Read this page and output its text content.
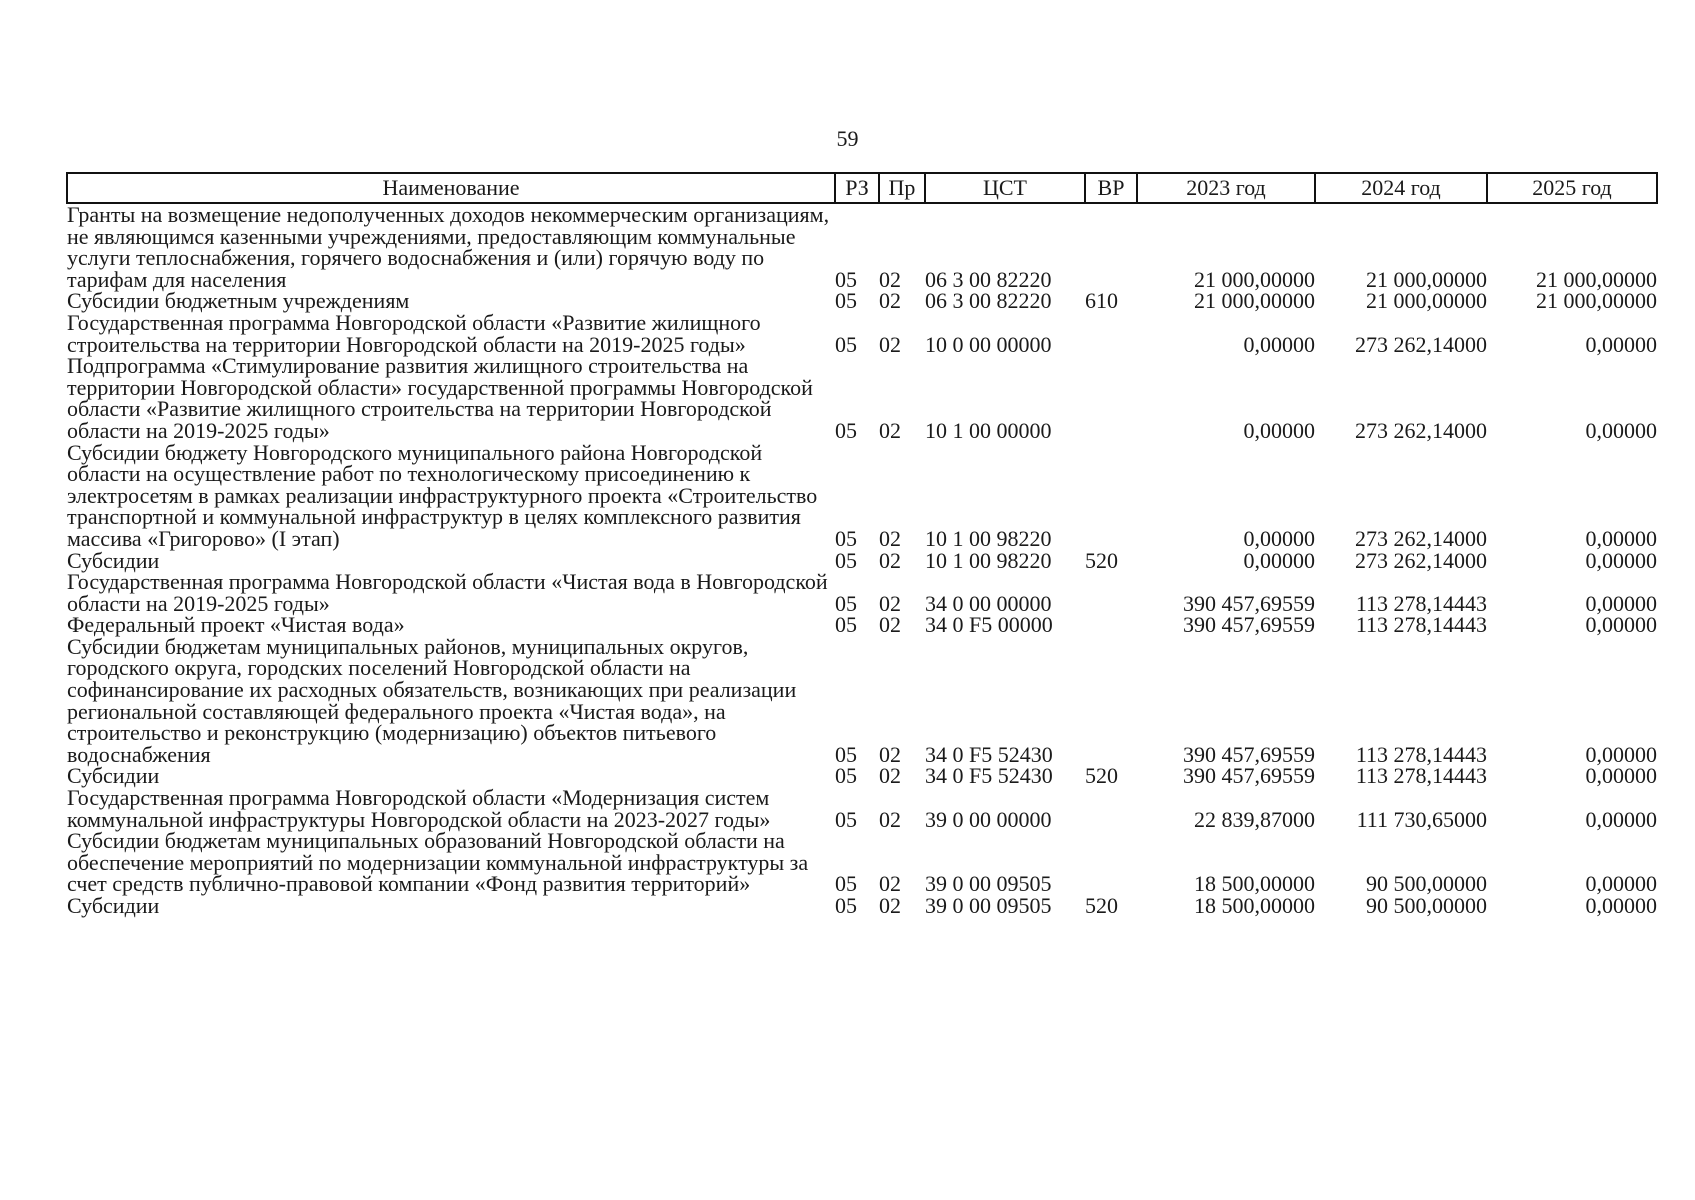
59
Наименование	РЗ	Пр	ЦСТ	ВР	2023 год	2024 год	2025 год
Гранты на возмещение недополученных доходов некоммерческим организациям, не являющимся казенными учреждениями, предоставляющим коммунальные услуги теплоснабжения, горячего водоснабжения и (или) горячую воду по тарифам для населения	05	02	06 3 00 82220		21 000,00000	21 000,00000	21 000,00000
Субсидии бюджетным учреждениям	05	02	06 3 00 82220	610	21 000,00000	21 000,00000	21 000,00000
Государственная программа Новгородской области «Развитие жилищного строительства на территории Новгородской области на 2019-2025 годы»	05	02	10 0 00 00000		0,00000	273 262,14000	0,00000
Подпрограмма «Стимулирование развития жилищного строительства на территории Новгородской области» государственной программы Новгородской области «Развитие жилищного строительства на территории Новгородской области на 2019-2025 годы»	05	02	10 1 00 00000		0,00000	273 262,14000	0,00000
Субсидии бюджету Новгородского муниципального района Новгородской области на осуществление работ по технологическому присоединению к электросетям в рамках реализации инфраструктурного проекта «Строительство транспортной и коммунальной инфраструктур в целях комплексного развития массива «Григорово» (I этап)	05	02	10 1 00 98220		0,00000	273 262,14000	0,00000
Субсидии	05	02	10 1 00 98220	520	0,00000	273 262,14000	0,00000
Государственная программа Новгородской области «Чистая вода в Новгородской области на 2019-2025 годы»	05	02	34 0 00 00000		390 457,69559	113 278,14443	0,00000
Федеральный проект «Чистая вода»	05	02	34 0 F5 00000		390 457,69559	113 278,14443	0,00000
Субсидии бюджетам муниципальных районов, муниципальных округов, городского округа, городских поселений Новгородской области на софинансирование их расходных обязательств, возникающих при реализации региональной составляющей федерального проекта «Чистая вода», на строительство и реконструкцию (модернизацию) объектов питьевого водоснабжения	05	02	34 0 F5 52430		390 457,69559	113 278,14443	0,00000
Субсидии	05	02	34 0 F5 52430	520	390 457,69559	113 278,14443	0,00000
Государственная программа Новгородской области «Модернизация систем коммунальной инфраструктуры Новгородской области на 2023-2027 годы»	05	02	39 0 00 00000		22 839,87000	111 730,65000	0,00000
Субсидии бюджетам муниципальных образований Новгородской области на обеспечение мероприятий по модернизации коммунальной инфраструктуры за счет средств публично-правовой компании «Фонд развития территорий»	05	02	39 0 00 09505		18 500,00000	90 500,00000	0,00000
Субсидии	05	02	39 0 00 09505	520	18 500,00000	90 500,00000	0,00000
